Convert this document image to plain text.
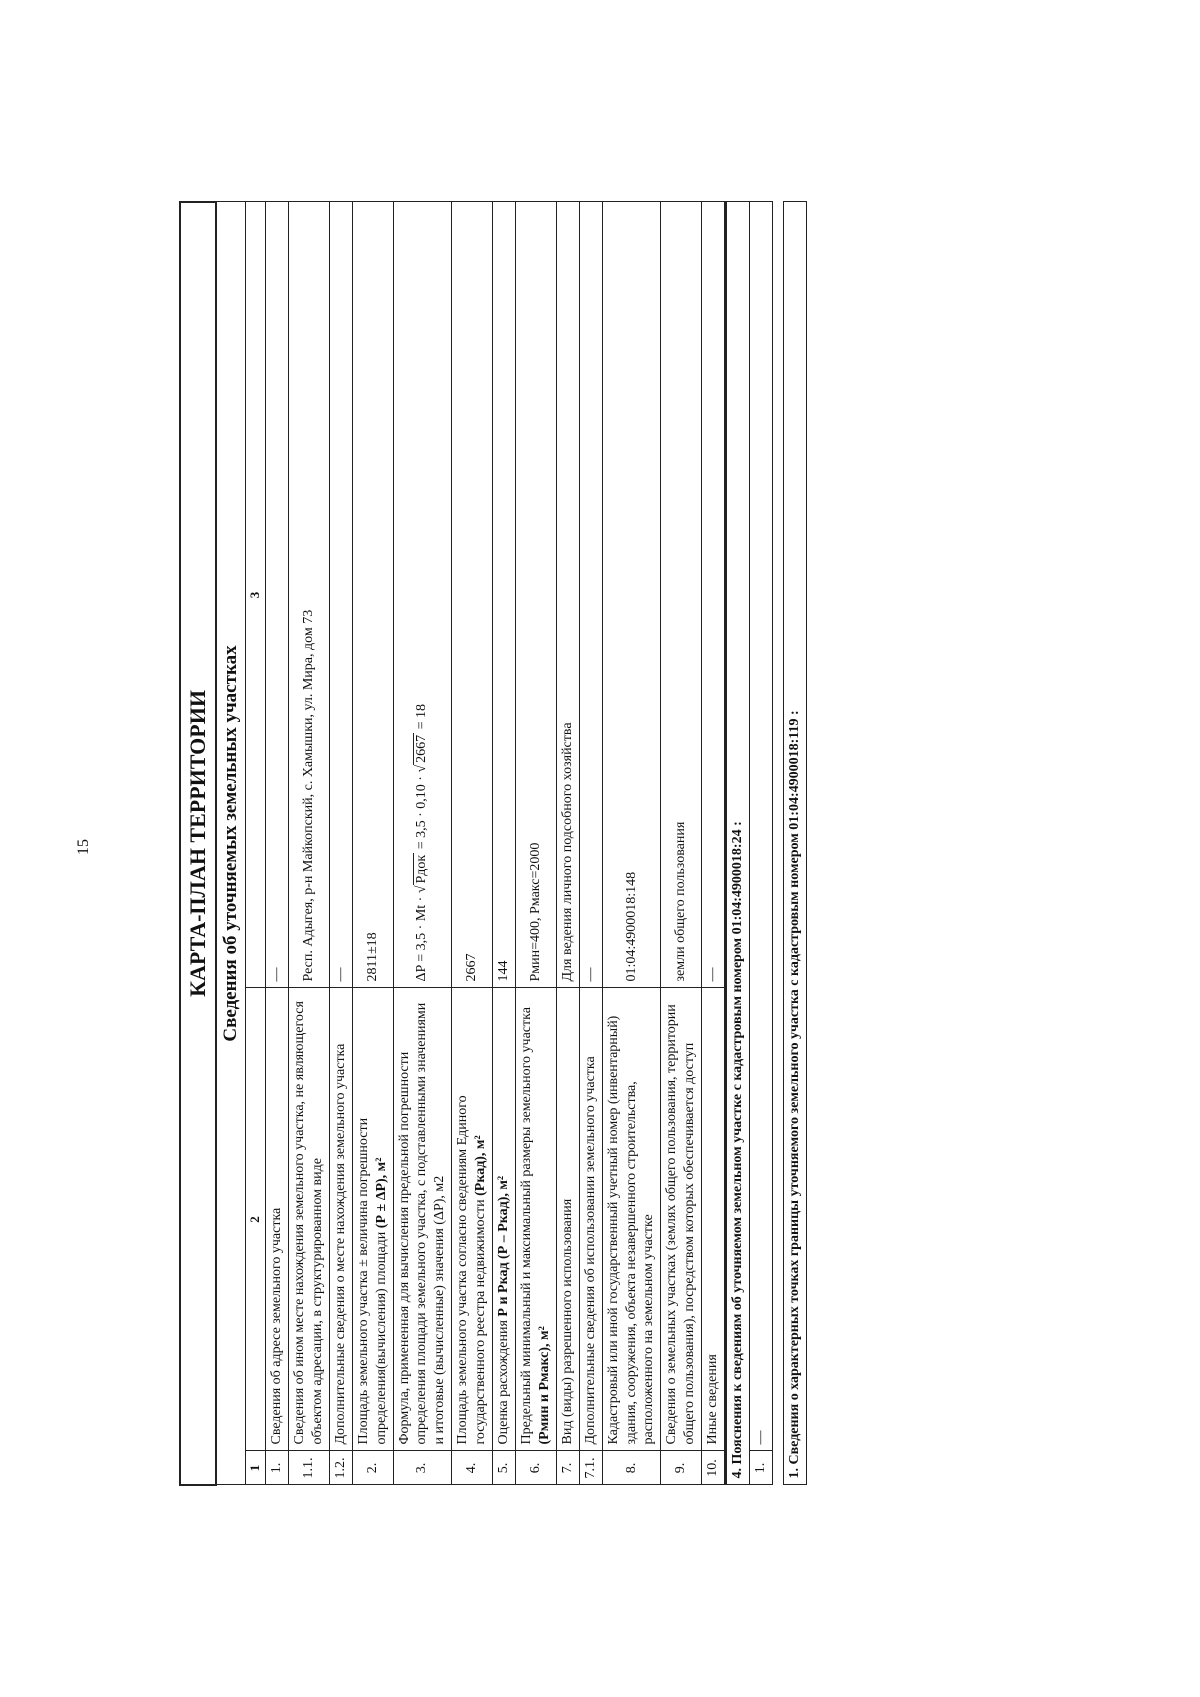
15	КАРТА-ПЛАН ТЕРРИТОРИИ		
Сведения об уточняемых земельных участках		
1	2	3
1.	Сведения об адресе земельного участка	—
1.1.	Сведения об ином месте нахождения земельного участка, не являющегося объектом адресации, в структурированном виде	Респ. Адыгея, р-н Майкопский, с. Хамышки, ул. Мира, дом 73
1.2.	Дополнительные сведения о месте нахождения земельного участка	—
2.	Площадь земельного участка ± величина погрешности определения(вычисления) площади (Р ± ΔР), м²	2811±18
3.	Формула, примененная для вычисления предельной погрешности определения площади земельного участка, с подставленными значениями и итоговые (вычисленные) значения (ΔР), м2	ΔP = 3,5 · Mt · √Pдок = 3,5 · 0,10 · √2667 = 18
4.	Площадь земельного участка согласно сведениям Единого государственного реестра недвижимости (Ркад), м²	2667
5.	Оценка расхождения Р и Ркад (Р – Ркад), м²	144
6.	Предельный минимальный и максимальный размеры земельного участка (Рмин и Рмакс), м²	Рмин=400, Рмакс=2000
7.	Вид (виды) разрешенного использования	Для ведения личного подсобного хозяйства
7.1.	Дополнительные сведения об использовании земельного участка	—
8.	Кадастровый или иной государственный учетный номер (инвентарный) здания, сооружения, объекта незавершенного строительства, расположенного на земельном участке	01:04:4900018:148
9.	Сведения о земельных участках (землях общего пользования, территории общего пользования), посредством которых обеспечивается доступ	земли общего пользования
10.	Иные сведения	—
4. Пояснения к сведениям об уточняемом земельном участке с кадастровым номером 01:04:4900018:24 :		
1.	—	

1. Сведения о характерных точках границы уточняемого земельного участка с кадастровым номером 01:04:4900018:119 :		
